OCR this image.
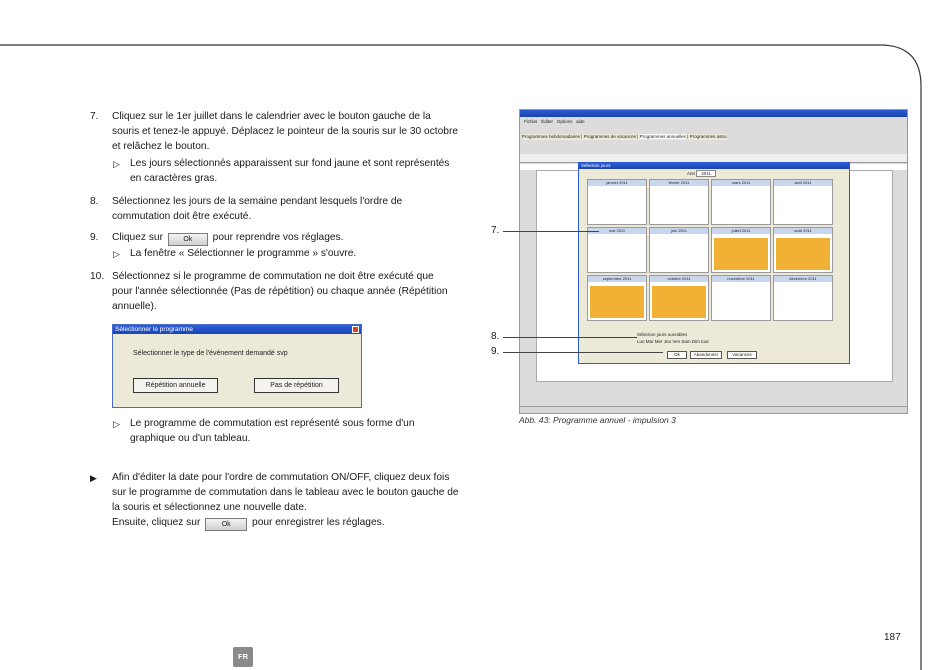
7. Cliquez sur le 1er juillet dans le calendrier avec le bouton gauche de la
souris et tenez-le appuyé. Déplacez le pointeur de la souris sur le 30 octobre
et relâchez le bouton.
▷ Les jours sélectionnés apparaissent sur fond jaune et sont représentés
en caractères gras.
8. Sélectionnez les jours de la semaine pendant lesquels l'ordre de
commutation doit être exécuté.
9. Cliquez sur	Ok pour reprendre vos réglages.
▷ La fenêtre « Sélectionner le programme » s'ouvre.
10. Sélectionnez si le programme de commutation ne doit être exécuté que
pour l'année sélectionnée (Pas de répétition) ou chaque année (Répétition
annuelle).
Sélectionner le programme
Sélectionner le type de l'événement demandé svp
Répétition annuelle	Pas de répétition
▷ Le programme de commutation est représenté sous forme d'un
graphique ou d'un tableau.
▶ Afin d'éditer la date pour l'ordre de commutation ON/OFF, cliquez deux fois
sur le programme de commutation dans le tableau avec le bouton gauche de
la souris et sélectionnez une nouvelle date.
Ensuite, cliquez sur	Ok pour enregistrer les réglages.
Fichier Éditer Options aide
Programmes hebdomadaires | Programmes de vacances | Programmes annuelles | Programmes astro
Sélection jours
Ann 2011
janvier 2011	février 2011	mars 2011	avril 2011
mai 2011	juin 2011	juillet 2011	août 2011
septembre 2011	octobre 2011	novembre 2011	décembre 2011
Sélection jours ouvrables
Lun Mar Mer Jeu Ven Sam Dim tout
Ok	Abandonner	Vacances
7.
8.
9.
Abb. 43: Programme annuel - impulsion 3
187
FR
